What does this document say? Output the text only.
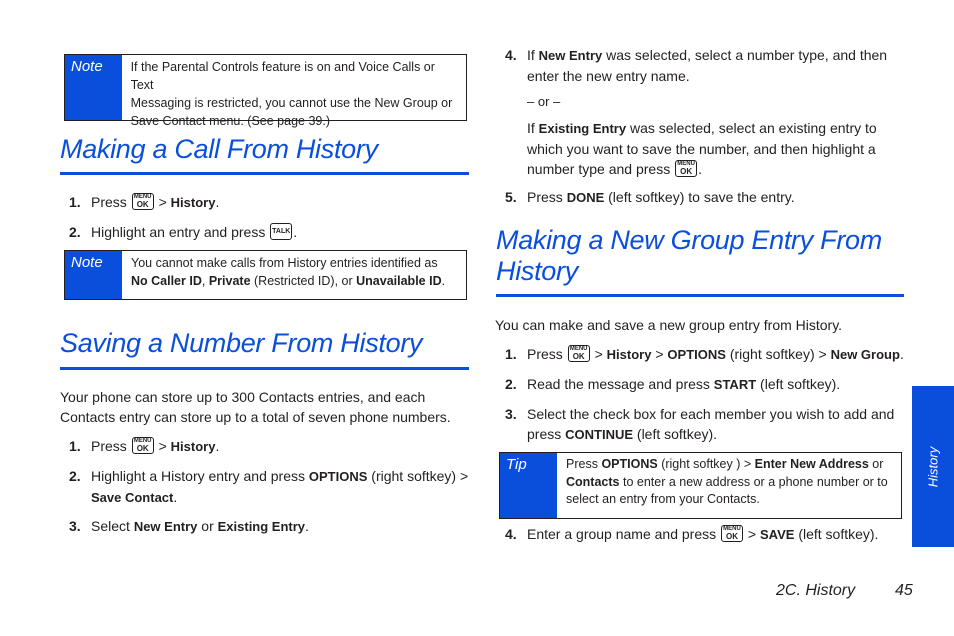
Note	If the Parental Controls feature is on and Voice Calls or Text
Messaging is restricted, you cannot use the New Group or
Save Contact menu. (See page 39.)
Making a Call From History
1. Press MENU
OK > History.
2. Highlight an entry and press TALK .
Note	You cannot make calls from History entries identified as
No Caller ID, Private (Restricted ID), or Unavailable ID.
Saving a Number From History
Your phone can store up to 300 Contacts entries, and each
Contacts entry can store up to a total of seven phone numbers.
1. Press MENU
OK > History.
2. Highlight a History entry and press OPTIONS (right softkey) >
Save Contact.
3. Select New Entry or Existing Entry.
4. If New Entry was selected, select a number type, and then
enter the new entry name.
– or –
If Existing Entry was selected, select an existing entry to
which you want to save the number, and then highlight a
number type and press MENU
OK .
5. Press DONE (left softkey) to save the entry.
Making a New Group Entry From
History
You can make and save a new group entry from History.
1. Press MENU
OK > History > OPTIONS (right softkey) > New Group.
2. Read the message and press START (left softkey).
3. Select the check box for each member you wish to add and
press CONTINUE (left softkey).
Tip	Press OPTIONS (right softkey ) > Enter New Address or
Contacts to enter a new address or a phone number or to
select an entry from your Contacts.
4. Enter a group name and press MENU
OK > SAVE (left softkey).
History
2C. History 45
